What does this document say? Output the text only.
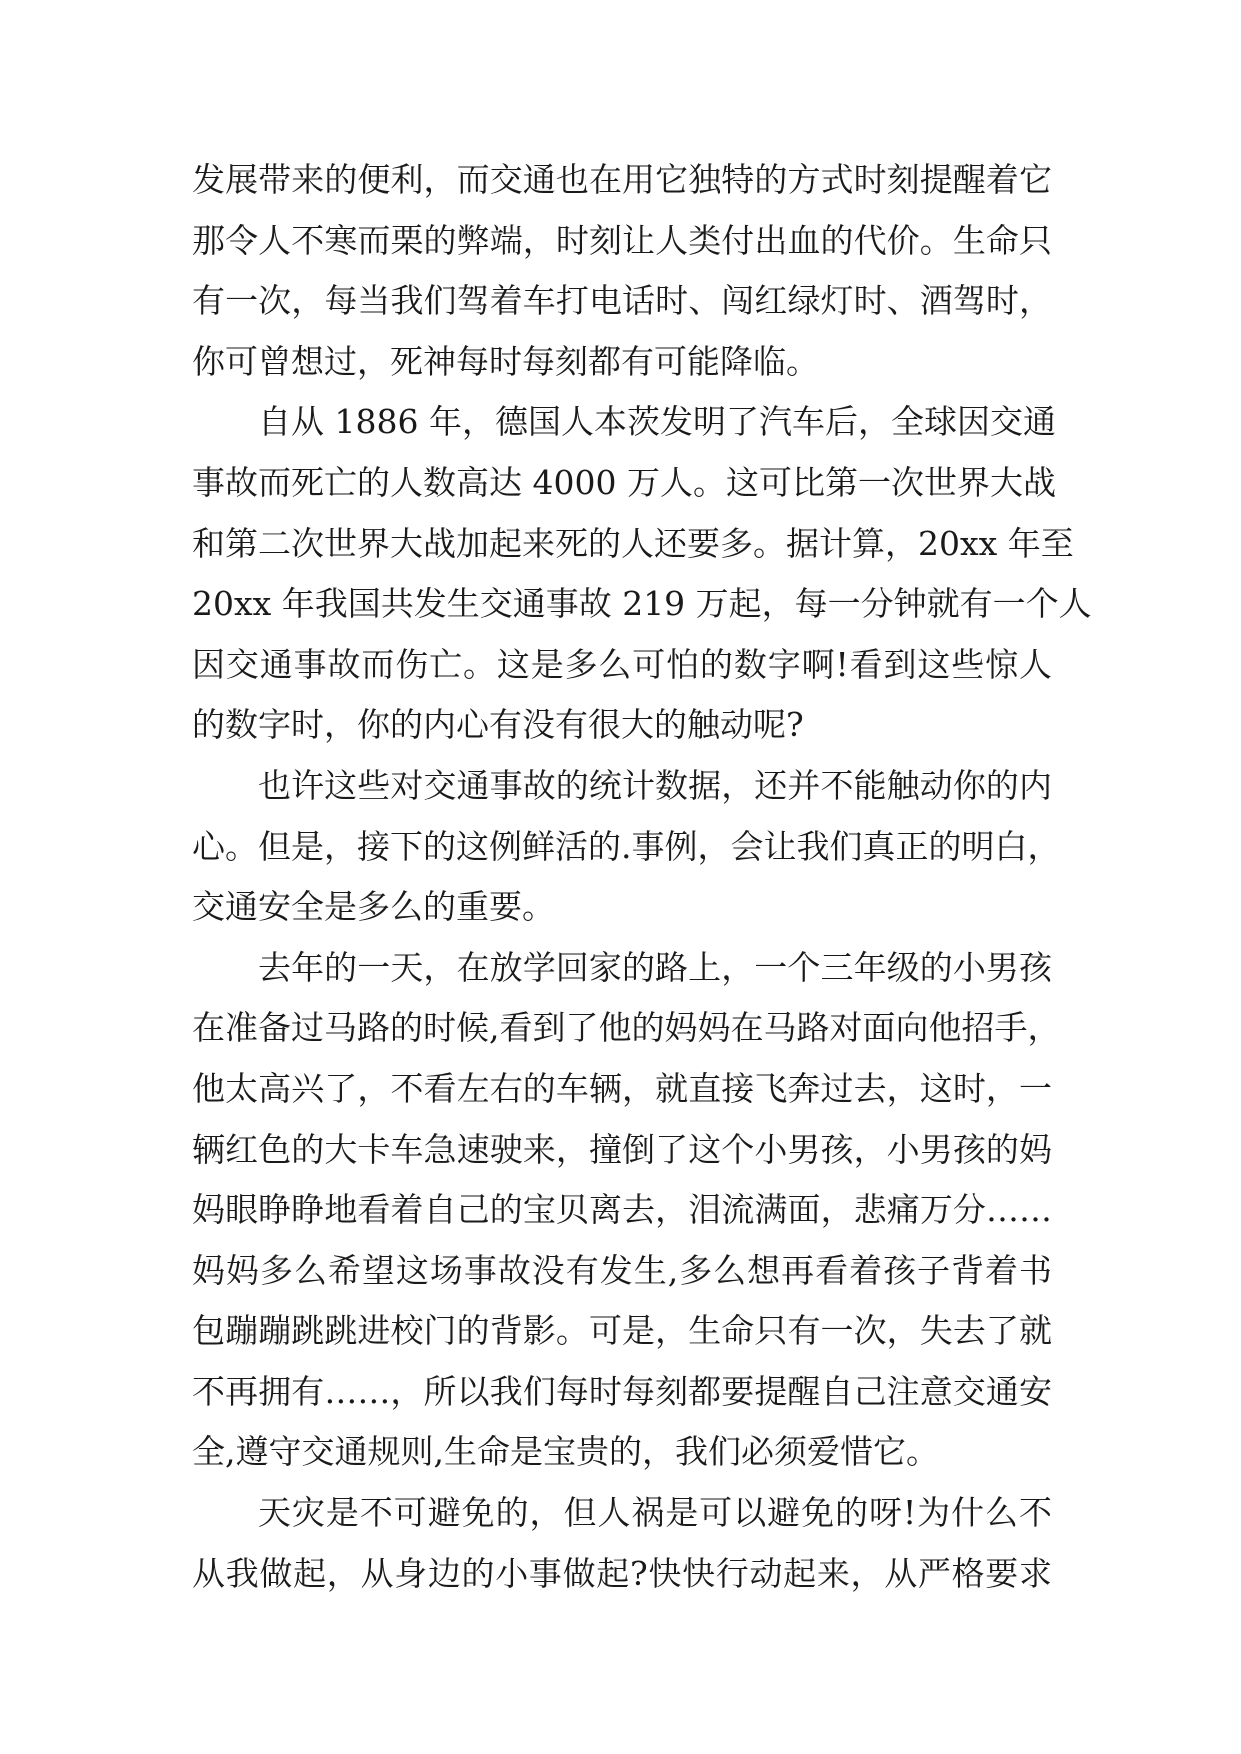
发展带来的便利，而交通也在用它独特的方式时刻提醒着它
那令人不寒而栗的弊端，时刻让人类付出血的代价。生命只
有一次，每当我们驾着车打电话时、闯红绿灯时、酒驾时，
你可曾想过，死神每时每刻都有可能降临。
自从 1886 年，德国人本茨发明了汽车后，全球因交通
事故而死亡的人数高达 4000 万人。这可比第一次世界大战
和第二次世界大战加起来死的人还要多。据计算，20xx 年至
20xx 年我国共发生交通事故 219 万起，每一分钟就有一个人
因交通事故而伤亡。这是多么可怕的数字啊!看到这些惊人
的数字时，你的内心有没有很大的触动呢?
也许这些对交通事故的统计数据，还并不能触动你的内
心。但是，接下的这例鲜活的.事例，会让我们真正的明白，
交通安全是多么的重要。
去年的一天，在放学回家的路上，一个三年级的小男孩
在准备过马路的时候,看到了他的妈妈在马路对面向他招手，
他太高兴了，不看左右的车辆，就直接飞奔过去，这时，一
辆红色的大卡车急速驶来，撞倒了这个小男孩，小男孩的妈
妈眼睁睁地看着自己的宝贝离去，泪流满面，悲痛万分……
妈妈多么希望这场事故没有发生,多么想再看着孩子背着书
包蹦蹦跳跳进校门的背影。可是，生命只有一次，失去了就
不再拥有……，所以我们每时每刻都要提醒自己注意交通安
全,遵守交通规则,生命是宝贵的，我们必须爱惜它。
天灾是不可避免的，但人祸是可以避免的呀!为什么不
从我做起，从身边的小事做起?快快行动起来，从严格要求
